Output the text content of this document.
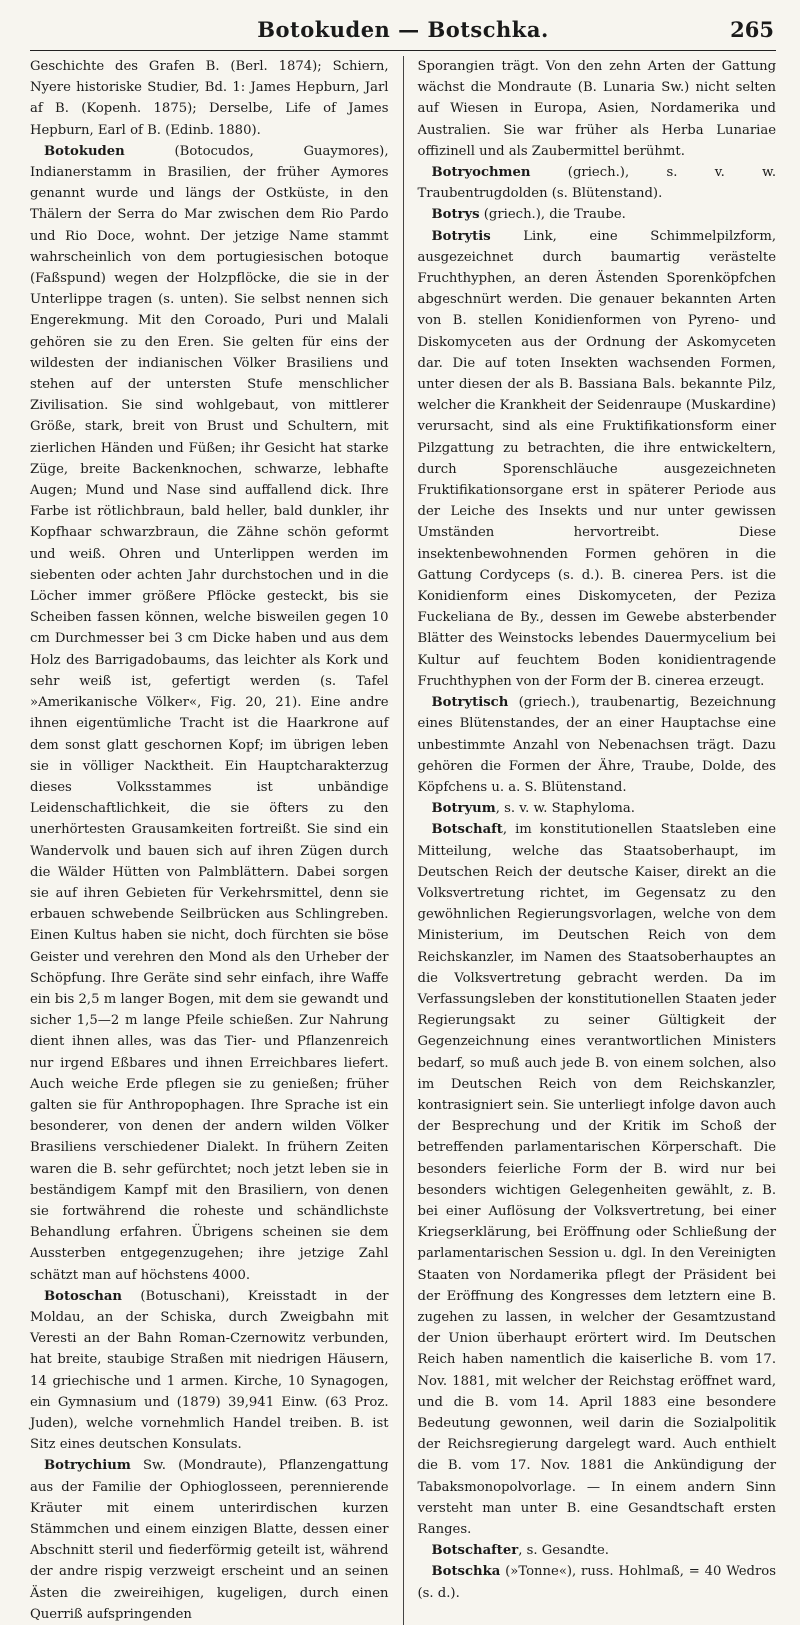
Botokuden — Botschka.	265

Geschichte des Grafen B. (Berl. 1874); Schiern, Nyere historiske Studier, Bd. 1: James Hepburn, Jarl af B. (Kopenh. 1875); Derselbe, Life of James Hepburn, Earl of B. (Edinb. 1880).

Botokuden (Botocudos, Guaymores), Indianerstamm in Brasilien, der früher Aymores genannt wurde und längs der Ostküste, in den Thälern der Serra do Mar zwischen dem Rio Pardo und Rio Doce, wohnt. Der jetzige Name stammt wahrscheinlich von dem portugiesischen botoque (Faßspund) wegen der Holzpflöcke, die sie in der Unterlippe tragen (s. unten). Sie selbst nennen sich Engerekmung. Mit den Coroado, Puri und Malali gehören sie zu den Eren. Sie gelten für eins der wildesten der indianischen Völker Brasiliens und stehen auf der untersten Stufe menschlicher Zivilisation. Sie sind wohlgebaut, von mittlerer Größe, stark, breit von Brust und Schultern, mit zierlichen Händen und Füßen; ihr Gesicht hat starke Züge, breite Backenknochen, schwarze, lebhafte Augen; Mund und Nase sind auffallend dick. Ihre Farbe ist rötlichbraun, bald heller, bald dunkler, ihr Kopfhaar schwarzbraun, die Zähne schön geformt und weiß. Ohren und Unterlippen werden im siebenten oder achten Jahr durchstochen und in die Löcher immer größere Pflöcke gesteckt, bis sie Scheiben fassen können, welche bisweilen gegen 10 cm Durchmesser bei 3 cm Dicke haben und aus dem Holz des Barrigadobaums, das leichter als Kork und sehr weiß ist, gefertigt werden (s. Tafel »Amerikanische Völker«, Fig. 20, 21). Eine andre ihnen eigentümliche Tracht ist die Haarkrone auf dem sonst glatt geschornen Kopf; im übrigen leben sie in völliger Nacktheit. Ein Hauptcharakterzug dieses Volksstammes ist unbändige Leidenschaftlichkeit, die sie öfters zu den unerhörtesten Grausamkeiten fortreißt. Sie sind ein Wandervolk und bauen sich auf ihren Zügen durch die Wälder Hütten von Palmblättern. Dabei sorgen sie auf ihren Gebieten für Verkehrsmittel, denn sie erbauen schwebende Seilbrücken aus Schlingreben. Einen Kultus haben sie nicht, doch fürchten sie böse Geister und verehren den Mond als den Urheber der Schöpfung. Ihre Geräte sind sehr einfach, ihre Waffe ein bis 2,5 m langer Bogen, mit dem sie gewandt und sicher 1,5—2 m lange Pfeile schießen. Zur Nahrung dient ihnen alles, was das Tier- und Pflanzenreich nur irgend Eßbares und ihnen Erreichbares liefert. Auch weiche Erde pflegen sie zu genießen; früher galten sie für Anthropophagen. Ihre Sprache ist ein besonderer, von denen der andern wilden Völker Brasiliens verschiedener Dialekt. In frühern Zeiten waren die B. sehr gefürchtet; noch jetzt leben sie in beständigem Kampf mit den Brasiliern, von denen sie fortwährend die roheste und schändlichste Behandlung erfahren. Übrigens scheinen sie dem Aussterben entgegenzugehen; ihre jetzige Zahl schätzt man auf höchstens 4000.

Botoschan (Botuschani), Kreisstadt in der Moldau, an der Schiska, durch Zweigbahn mit Veresti an der Bahn Roman-Czernowitz verbunden, hat breite, staubige Straßen mit niedrigen Häusern, 14 griechische und 1 armen. Kirche, 10 Synagogen, ein Gymnasium und (1879) 39,941 Einw. (63 Proz. Juden), welche vornehmlich Handel treiben. B. ist Sitz eines deutschen Konsulats.

Botrychium Sw. (Mondraute), Pflanzengattung aus der Familie der Ophioglosseen, perennierende Kräuter mit einem unterirdischen kurzen Stämmchen und einem einzigen Blatte, dessen einer Abschnitt steril und fiederförmig geteilt ist, während der andre rispig verzweigt erscheint und an seinen Ästen die zweireihigen, kugeligen, durch einen Querriß aufspringenden

Sporangien trägt. Von den zehn Arten der Gattung wächst die Mondraute (B. Lunaria Sw.) nicht selten auf Wiesen in Europa, Asien, Nordamerika und Australien. Sie war früher als Herba Lunariae offizinell und als Zaubermittel berühmt.

Botryochmen (griech.), s. v. w. Traubentrugdolden (s. Blütenstand).

Botrys (griech.), die Traube.

Botrytis Link, eine Schimmelpilzform, ausgezeichnet durch baumartig verästelte Fruchthyphen, an deren Ästenden Sporenköpfchen abgeschnürt werden. Die genauer bekannten Arten von B. stellen Konidienformen von Pyreno- und Diskomyceten aus der Ordnung der Askomyceten dar. Die auf toten Insekten wachsenden Formen, unter diesen der als B. Bassiana Bals. bekannte Pilz, welcher die Krankheit der Seidenraupe (Muskardine) verursacht, sind als eine Fruktifikationsform einer Pilzgattung zu betrachten, die ihre entwickeltern, durch Sporenschläuche ausgezeichneten Fruktifikationsorgane erst in späterer Periode aus der Leiche des Insekts und nur unter gewissen Umständen hervortreibt. Diese insektenbewohnenden Formen gehören in die Gattung Cordyceps (s. d.). B. cinerea Pers. ist die Konidienform eines Diskomyceten, der Peziza Fuckeliana de By., dessen im Gewebe absterbender Blätter des Weinstocks lebendes Dauermycelium bei Kultur auf feuchtem Boden konidientragende Fruchthyphen von der Form der B. cinerea erzeugt.

Botrytisch (griech.), traubenartig, Bezeichnung eines Blütenstandes, der an einer Hauptachse eine unbestimmte Anzahl von Nebenachsen trägt. Dazu gehören die Formen der Ähre, Traube, Dolde, des Köpfchens u. a. S. Blütenstand.

Botryum, s. v. w. Staphyloma.

Botschaft, im konstitutionellen Staatsleben eine Mitteilung, welche das Staatsoberhaupt, im Deutschen Reich der deutsche Kaiser, direkt an die Volksvertretung richtet, im Gegensatz zu den gewöhnlichen Regierungsvorlagen, welche von dem Ministerium, im Deutschen Reich von dem Reichskanzler, im Namen des Staatsoberhauptes an die Volksvertretung gebracht werden. Da im Verfassungsleben der konstitutionellen Staaten jeder Regierungsakt zu seiner Gültigkeit der Gegenzeichnung eines verantwortlichen Ministers bedarf, so muß auch jede B. von einem solchen, also im Deutschen Reich von dem Reichskanzler, kontrasigniert sein. Sie unterliegt infolge davon auch der Besprechung und der Kritik im Schoß der betreffenden parlamentarischen Körperschaft. Die besonders feierliche Form der B. wird nur bei besonders wichtigen Gelegenheiten gewählt, z. B. bei einer Auflösung der Volksvertretung, bei einer Kriegserklärung, bei Eröffnung oder Schließung der parlamentarischen Session u. dgl. In den Vereinigten Staaten von Nordamerika pflegt der Präsident bei der Eröffnung des Kongresses dem letztern eine B. zugehen zu lassen, in welcher der Gesamtzustand der Union überhaupt erörtert wird. Im Deutschen Reich haben namentlich die kaiserliche B. vom 17. Nov. 1881, mit welcher der Reichstag eröffnet ward, und die B. vom 14. April 1883 eine besondere Bedeutung gewonnen, weil darin die Sozialpolitik der Reichsregierung dargelegt ward. Auch enthielt die B. vom 17. Nov. 1881 die Ankündigung der Tabaksmonopolvorlage. — In einem andern Sinn versteht man unter B. eine Gesandtschaft ersten Ranges.

Botschafter, s. Gesandte.

Botschka (»Tonne«), russ. Hohlmaß, = 40 Wedros (s. d.).
